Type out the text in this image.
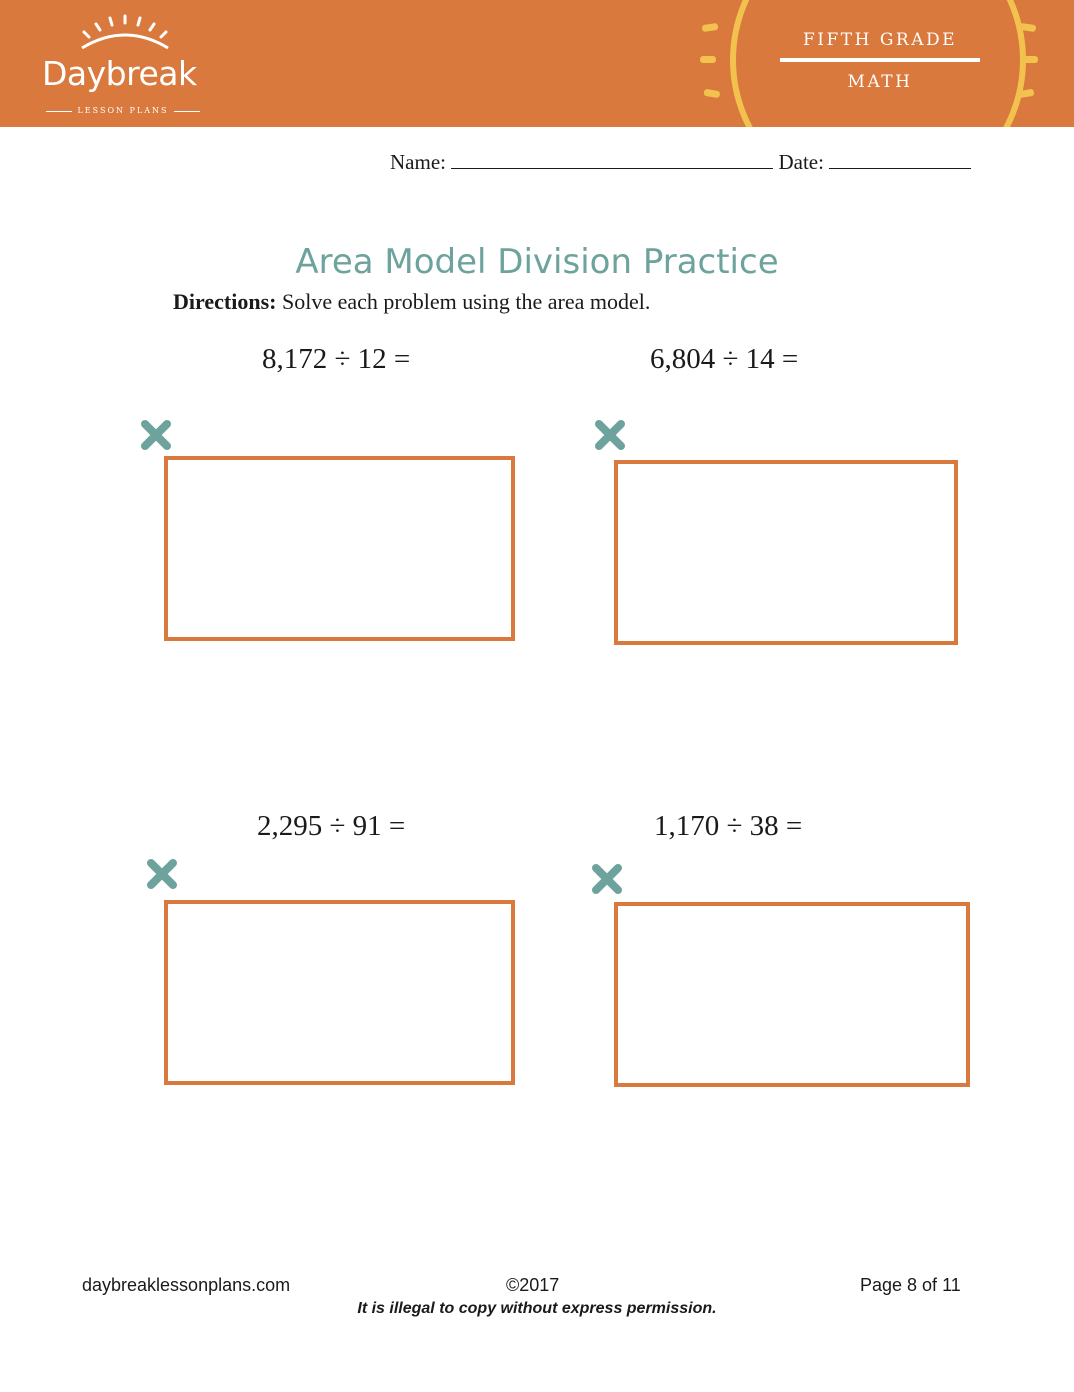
Daybreak
LESSON PLANS
FIFTH GRADE
MATH
Name:	Date:
Area Model Division Practice
Directions: Solve each problem using the area model.
8,172 ÷ 12 =	6,804 ÷ 14 =
2,295 ÷ 91 =	1,170 ÷ 38 =
daybreaklessonplans.com	©2017	Page 8 of 11
It is illegal to copy without express permission.
